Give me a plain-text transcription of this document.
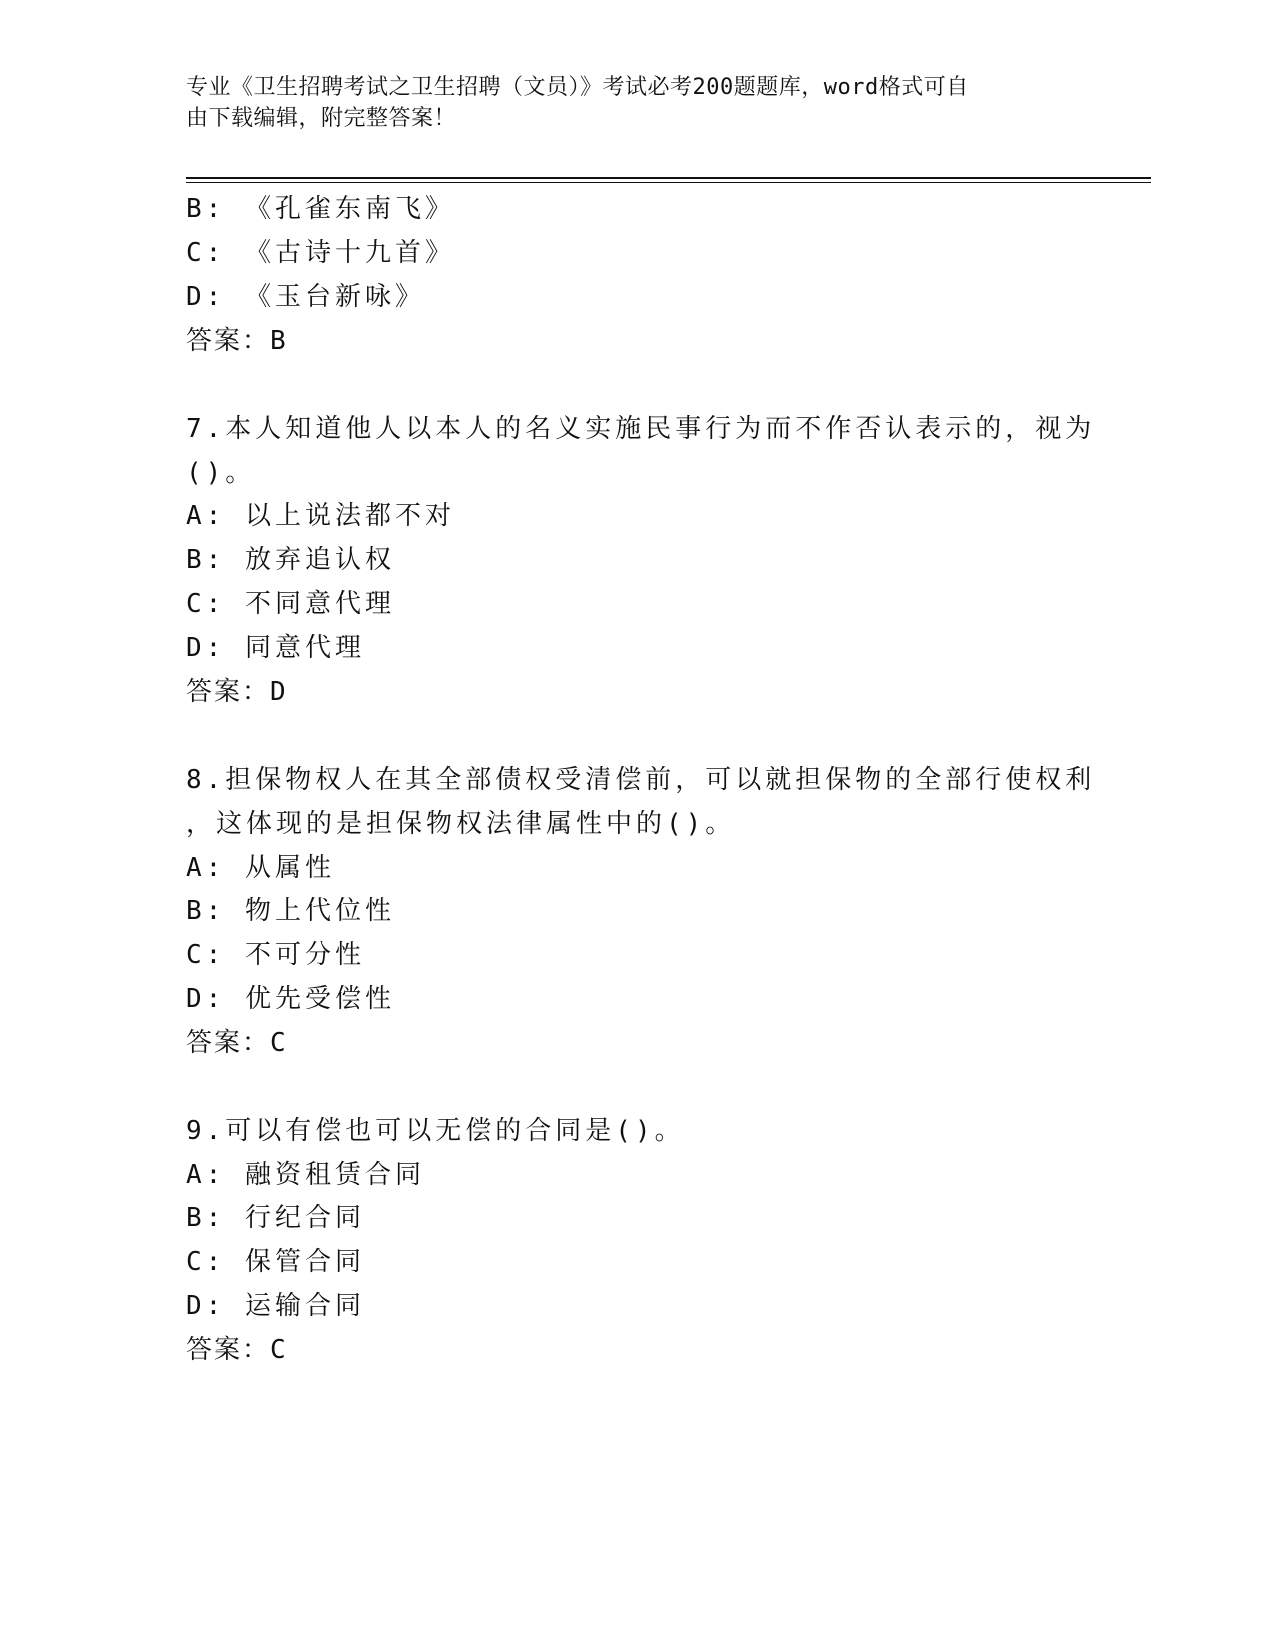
专业《卫生招聘考试之卫生招聘（文员）》考试必考200题题库，word格式可自
由下载编辑，附完整答案！
B: 《孔雀东南飞》
C: 《古诗十九首》
D: 《玉台新咏》
答案：B
7.本人知道他人以本人的名义实施民事行为而不作否认表示的，视为
()。
A: 以上说法都不对
B: 放弃追认权
C: 不同意代理
D: 同意代理
答案：D
8.担保物权人在其全部债权受清偿前，可以就担保物的全部行使权利
，这体现的是担保物权法律属性中的()。
A: 从属性
B: 物上代位性
C: 不可分性
D: 优先受偿性
答案：C
9.可以有偿也可以无偿的合同是()。
A: 融资租赁合同
B: 行纪合同
C: 保管合同
D: 运输合同
答案：C
